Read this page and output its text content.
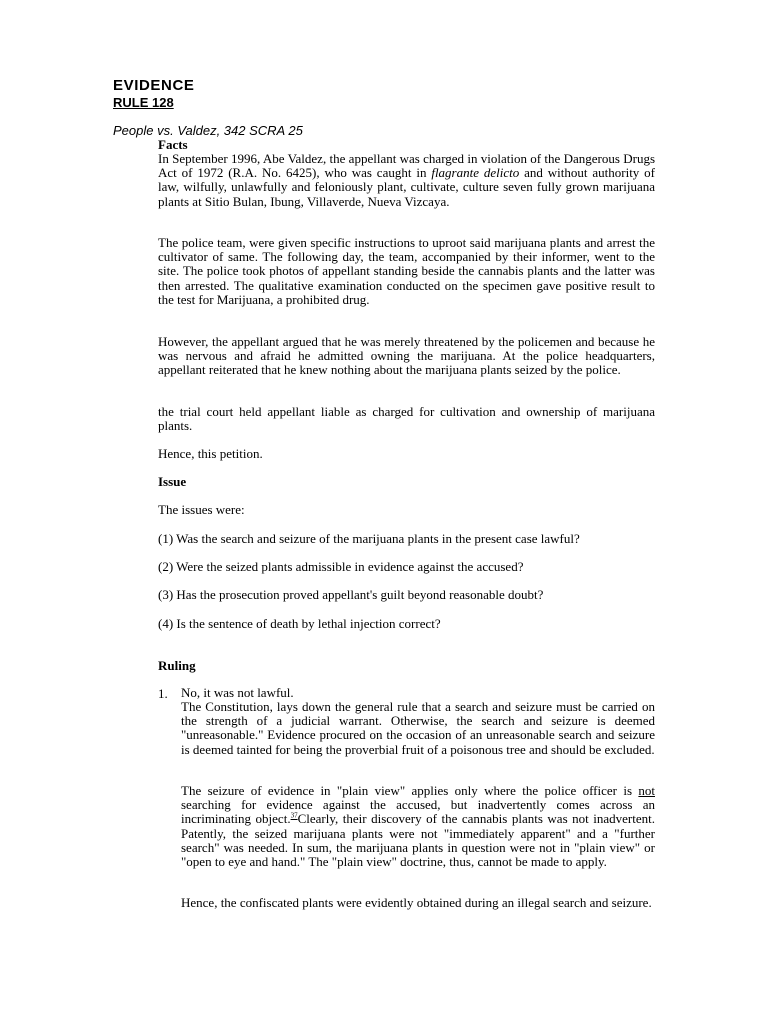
EVIDENCE
RULE 128

People vs. Valdez, 342 SCRA 25

Facts

In September 1996, Abe Valdez, the appellant was charged in violation of the Dangerous Drugs Act of 1972 (R.A. No. 6425), who was caught in flagrante delicto and without authority of law, wilfully, unlawfully and feloniously plant, cultivate, culture seven fully grown marijuana plants at Sitio Bulan, Ibung, Villaverde, Nueva Vizcaya.

The police team, were given specific instructions to uproot said marijuana plants and arrest the cultivator of same. The following day, the team, accompanied by their informer, went to the site. The police took photos of appellant standing beside the cannabis plants and the latter was then arrested. The qualitative examination conducted on the specimen gave positive result to the test for Marijuana, a prohibited drug.

However, the appellant argued that he was merely threatened by the policemen and because he was nervous and afraid he admitted owning the marijuana. At the police headquarters, appellant reiterated that he knew nothing about the marijuana plants seized by the police.

the trial court held appellant liable as charged for cultivation and ownership of marijuana plants.

Hence, this petition.

Issue

The issues were:

(1) Was the search and seizure of the marijuana plants in the present case lawful?

(2) Were the seized plants admissible in evidence against the accused?

(3) Has the prosecution proved appellant's guilt beyond reasonable doubt?

(4) Is the sentence of death by lethal injection correct?

Ruling

1. No, it was not lawful.

The Constitution, lays down the general rule that a search and seizure must be carried on the strength of a judicial warrant. Otherwise, the search and seizure is deemed "unreasonable." Evidence procured on the occasion of an unreasonable search and seizure is deemed tainted for being the proverbial fruit of a poisonous tree and should be excluded.

The seizure of evidence in "plain view" applies only where the police officer is not searching for evidence against the accused, but inadvertently comes across an incriminating object.$^{37}$Clearly, their discovery of the cannabis plants was not inadvertent. Patently, the seized marijuana plants were not "immediately apparent" and a "further search" was needed. In sum, the marijuana plants in question were not in "plain view" or "open to eye and hand." The "plain view" doctrine, thus, cannot be made to apply.

Hence, the confiscated plants were evidently obtained during an illegal search and seizure.
